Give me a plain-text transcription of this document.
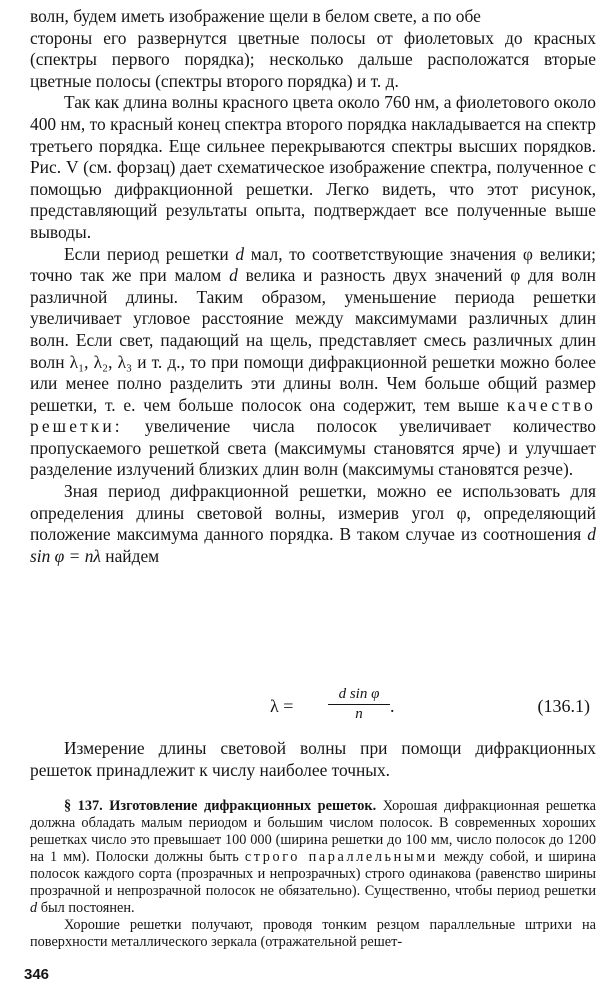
волн, будем иметь изображение щели в белом свете, а по обе

стороны его развернутся цветные полосы от фиолетовых до красных (спектры первого порядка); несколько дальше расположатся вторые цветные полосы (спектры второго порядка) и т. д.

Так как длина волны красного цвета около 760 нм, а фиолетового около 400 нм, то красный конец спектра второго порядка накладывается на спектр третьего порядка. Еще сильнее перекрываются спектры высших порядков. Рис. V (см. форзац) дает схематическое изображение спектра, полученное с помощью дифракционной решетки. Легко видеть, что этот рисунок, представляющий результаты опыта, подтверждает все полученные выше выводы.

Если период решетки d мал, то соответствующие значения φ велики; точно так же при малом d велика и разность двух значений φ для волн различной длины. Таким образом, уменьшение периода решетки увеличивает угловое расстояние между максимумами различных длин волн. Если свет, падающий на щель, представляет смесь различных длин волн λ₁, λ₂, λ₃ и т. д., то при помощи дифракционной решетки можно более или менее полно разделить эти длины волн. Чем больше общий размер решетки, т. е. чем больше полосок она содержит, тем выше качество решетки: увеличение числа полосок увеличивает количество пропускаемого решеткой света (максимумы становятся ярче) и улучшает разделение излучений близких длин волн (максимумы становятся резче).

Зная период дифракционной решетки, можно ее использовать для определения длины световой волны, измерив угол φ, определяющий положение максимума данного порядка. В таком случае из соотношения d sin φ = nλ найдем

$\lambda = \frac{\text{d sin φ}}{n}$ .	(136.1)

Измерение длины световой волны при помощи дифракционных решеток принадлежит к числу наиболее точных.

§ 137. Изготовление дифракционных решеток. Хорошая дифракционная решетка должна обладать малым периодом и большим числом полосок. В современных хороших решетках число это превышает 100 000 (ширина решетки до 100 мм, число полосок до 1200 на 1 мм). Полоски должны быть строго параллельными между собой, и ширина полосок каждого сорта (прозрачных и непрозрачных) строго одинакова (равенство ширины прозрачной и непрозрачной полосок не обязательно). Существенно, чтобы период решетки d был постоянен.

Хорошие решетки получают, проводя тонким резцом параллельные штрихи на поверхности металлического зеркала (отражательной решет-

346
